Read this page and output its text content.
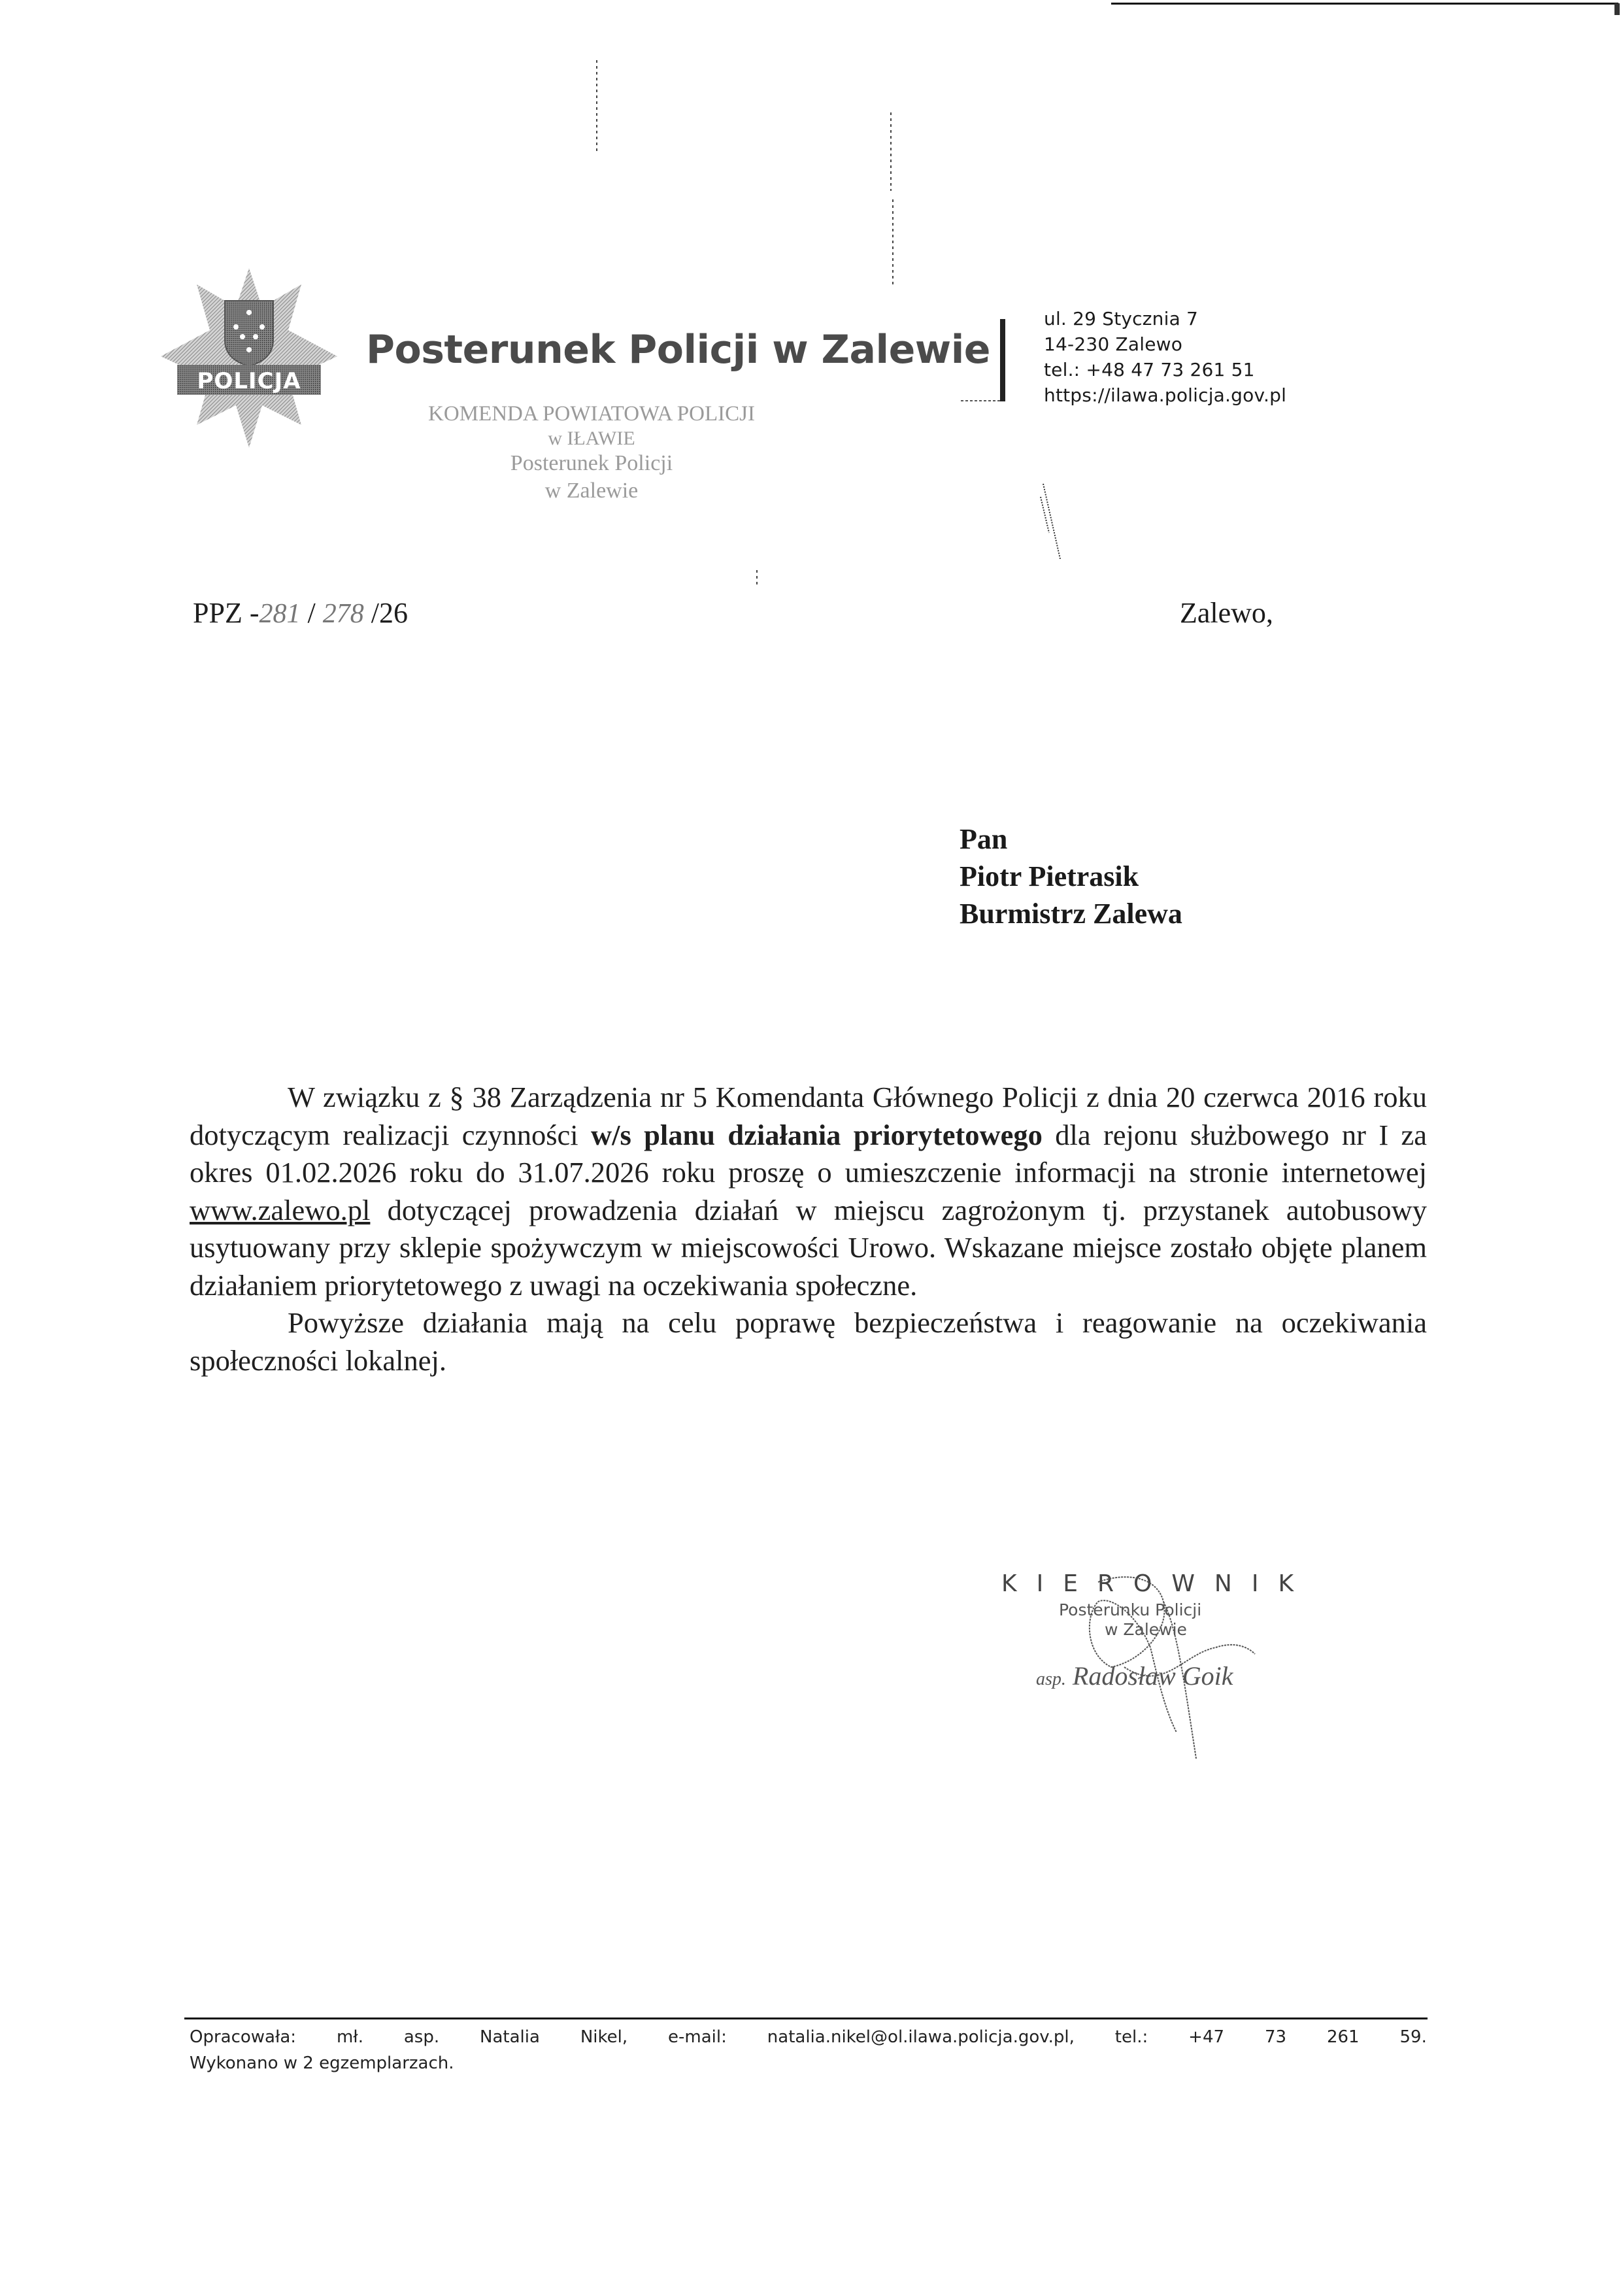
POLICJA
Posterunek Policji w Zalewie
KOMENDA POWIATOWA POLICJI
w IŁAWIE
Posterunek Policji
w Zalewie
ul. 29 Stycznia 7
14-230 Zalewo
tel.: +48 47 73 261 51
https://ilawa.policja.gov.pl
PPZ -281 / 278 /26	Zalewo,
Pan
Piotr Pietrasik
Burmistrz Zalewa

W związku z § 38 Zarządzenia nr 5 Komendanta Głównego Policji z dnia 20 czerwca 2016 roku dotyczącym realizacji czynności w/s planu działania priorytetowego dla rejonu służbowego nr I za okres 01.02.2026 roku do 31.07.2026 roku proszę o umieszczenie informacji na stronie internetowej www.zalewo.pl dotyczącej prowadzenia działań w miejscu zagrożonym tj. przystanek autobusowy usytuowany przy sklepie spożywczym w miejscowości Urowo. Wskazane miejsce zostało objęte planem działaniem priorytetowego z uwagi na oczekiwania społeczne.

Powyższe działania mają na celu poprawę bezpieczeństwa i reagowanie na oczekiwania społeczności lokalnej.

KIEROWNIK
Posterunku Policji
w Zalewie
asp. Radosław Goik
Opracowała: mł. asp. Natalia Nikel, e-mail: natalia.nikel@ol.ilawa.policja.gov.pl, tel.: +47 73 261 59.
Wykonano w 2 egzemplarzach.
